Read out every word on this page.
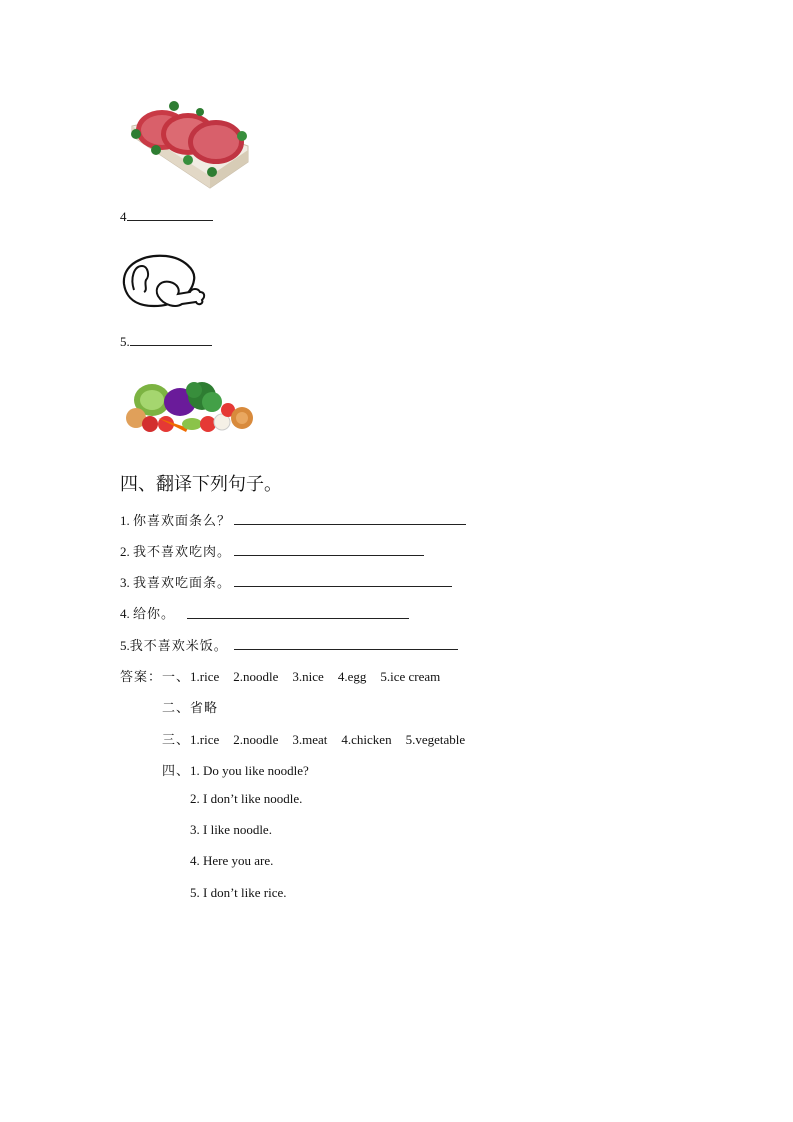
4
5.
四、翻译下列句子。
1. 你喜欢面条么？
2. 我不喜欢吃肉。
3. 我喜欢吃面条。
4. 给你。
5.我不喜欢米饭。
答案：一、1.rice 2.noodle 3.nice 4.egg 5.ice cream
二、省略
三、1.rice 2.noodle 3.meat 4.chicken 5.vegetable
四、1. Do you like noodle?
2. I don’t like noodle.
3. I like noodle.
4. Here you are.
5. I don’t like rice.
